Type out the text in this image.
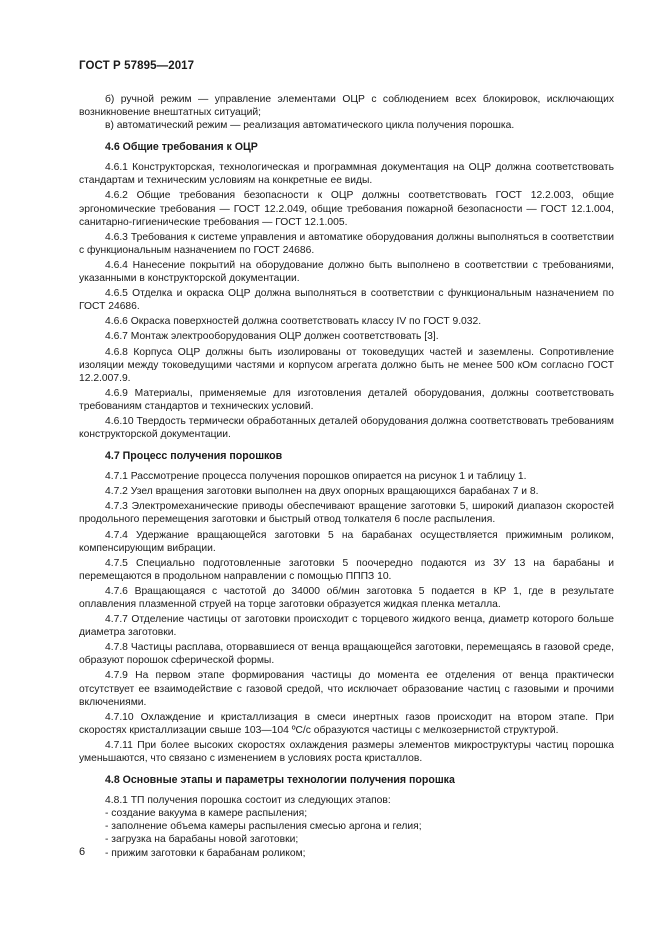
ГОСТ Р 57895—2017

б) ручной режим — управление элементами ОЦР с соблюдением всех блокировок, исключающих возникновение внештатных ситуаций;

в) автоматический режим — реализация автоматического цикла получения порошка.

4.6 Общие требования к ОЦР

4.6.1 Конструкторская, технологическая и программная документация на ОЦР должна соответствовать стандартам и техническим условиям на конкретные ее виды.

4.6.2 Общие требования безопасности к ОЦР должны соответствовать ГОСТ 12.2.003, общие эргономические требования — ГОСТ 12.2.049, общие требования пожарной безопасности — ГОСТ 12.1.004, санитарно-гигиенические требования — ГОСТ 12.1.005.

4.6.3 Требования к системе управления и автоматике оборудования должны выполняться в соответствии с функциональным назначением по ГОСТ 24686.

4.6.4 Нанесение покрытий на оборудование должно быть выполнено в соответствии с требованиями, указанными в конструкторской документации.

4.6.5 Отделка и окраска ОЦР должна выполняться в соответствии с функциональным назначением по ГОСТ 24686.

4.6.6 Окраска поверхностей должна соответствовать классу IV по ГОСТ 9.032.

4.6.7 Монтаж электрооборудования ОЦР должен соответствовать [3].

4.6.8 Корпуса ОЦР должны быть изолированы от токоведущих частей и заземлены. Сопротивление изоляции между токоведущими частями и корпусом агрегата должно быть не менее 500 кОм согласно ГОСТ 12.2.007.9.

4.6.9 Материалы, применяемые для изготовления деталей оборудования, должны соответствовать требованиям стандартов и технических условий.

4.6.10 Твердость термически обработанных деталей оборудования должна соответствовать требованиям конструкторской документации.

4.7 Процесс получения порошков

4.7.1 Рассмотрение процесса получения порошков опирается на рисунок 1 и таблицу 1.

4.7.2 Узел вращения заготовки выполнен на двух опорных вращающихся барабанах 7 и 8.

4.7.3 Электромеханические приводы обеспечивают вращение заготовки 5, широкий диапазон скоростей продольного перемещения заготовки и быстрый отвод толкателя 6 после распыления.

4.7.4 Удержание вращающейся заготовки 5 на барабанах осуществляется прижимным роликом, компенсирующим вибрации.

4.7.5 Специально подготовленные заготовки 5 поочередно подаются из ЗУ 13 на барабаны и перемещаются в продольном направлении с помощью ПППЗ 10.

4.7.6 Вращающаяся с частотой до 34000 об/мин заготовка 5 подается в КР 1, где в результате оплавления плазменной струей на торце заготовки образуется жидкая пленка металла.

4.7.7 Отделение частицы от заготовки происходит с торцевого жидкого венца, диаметр которого больше диаметра заготовки.

4.7.8 Частицы расплава, оторвавшиеся от венца вращающейся заготовки, перемещаясь в газовой среде, образуют порошок сферической формы.

4.7.9 На первом этапе формирования частицы до момента ее отделения от венца практически отсутствует ее взаимодействие с газовой средой, что исключает образование частиц с газовыми и прочими включениями.

4.7.10 Охлаждение и кристаллизация в смеси инертных газов происходит на втором этапе. При скоростях кристаллизации свыше 103—104 ºС/с образуются частицы с мелкозернистой структурой.

4.7.11 При более высоких скоростях охлаждения размеры элементов микроструктуры частиц порошка уменьшаются, что связано с изменением в условиях роста кристаллов.

4.8 Основные этапы и параметры технологии получения порошка

4.8.1 ТП получения порошка состоит из следующих этапов:

- создание вакуума в камере распыления;

- заполнение объема камеры распыления смесью аргона и гелия;

- загрузка на барабаны новой заготовки;

- прижим заготовки к барабанам роликом;

6
